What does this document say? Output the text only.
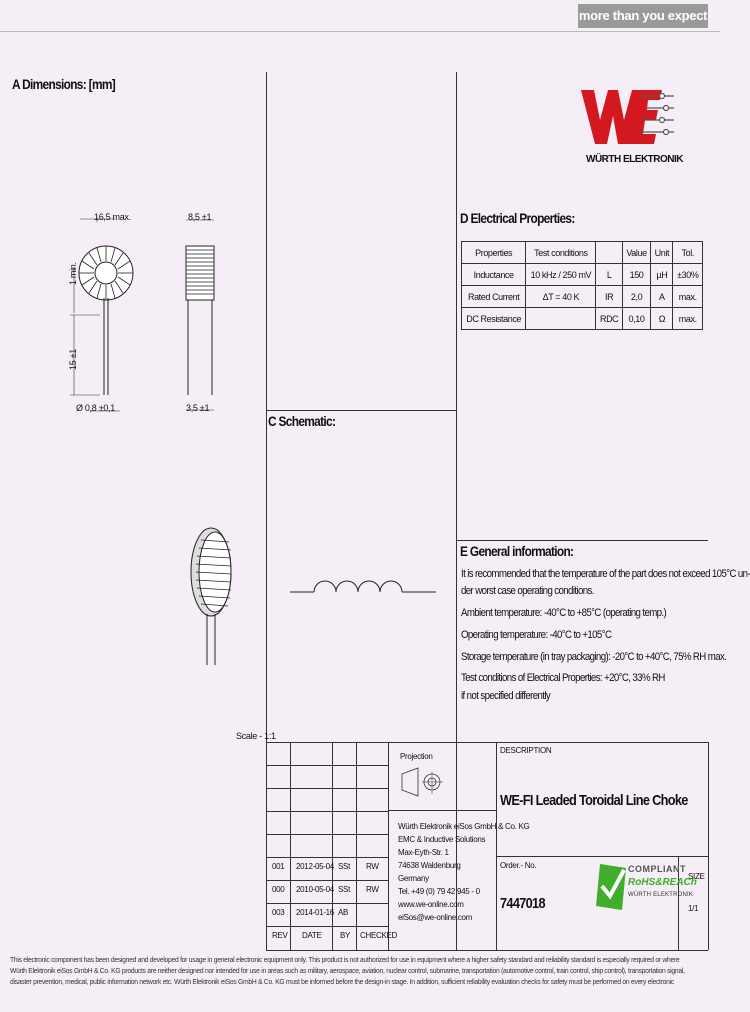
more than you expect
A Dimensions: [mm]
16,5 max.
1 min.
15 ±1
Ø 0,8 ±0,1
8,5 ±1
3,5 ±1
Scale - 1:1
WÜRTH ELEKTRONIK
D Electrical Properties:
Properties	Test conditions		Value	Unit	Tol.
Inductance	10 kHz / 250 mV	L	150	µH	±30%
Rated Current	ΔT = 40 K	IR	2,0	A	max.
DC Resistance		RDC	0,10	Ω	max.
C Schematic:
E General information:
It is recommended that the temperature of the part does not exceed 105°C un-
der worst case operating conditions.
Ambient temperature: -40°C to +85°C (operating temp.)
Operating temperature: -40°C to +105°C
Storage temperature (in tray packaging): -20°C to +40°C, 75% RH max.
Test conditions of Electrical Properties: +20°C, 33% RH
if not specified differently
001 2012-05-04 SSt RW
000 2010-05-04 SSt RW
003 2014-01-16 AB
REV DATE BY CHECKED
Projection
Würth Elektronik eiSos GmbH & Co. KG
EMC & Inductive Solutions
Max-Eyth-Str. 1
74638 Waldenburg
Germany
Tel. +49 (0) 79 42 945 - 0
www.we-online.com
eiSos@we-online.com
DESCRIPTION
WE-FI Leaded Toroidal Line Choke
Order.- No.
7447018
SIZE
1/1
COMPLIANT
RoHS&REACh
WÜRTH ELEKTRONIK
This electronic component has been designed and developed for usage in general electronic equipment only. This product is not authorized for use in equipment where a higher safety standard and reliability standard is especially required or where
Würth Elektronik eiSos GmbH & Co. KG products are neither designed nor intended for use in areas such as military, aerospace, aviation, nuclear control, submarine, transportation (automotive control, train control, ship control), transportation signal,
disaster prevention, medical, public information network etc. Würth Elektronik eiSos GmbH & Co. KG must be informed before the design-in stage. In addition, sufficient reliability evaluation checks for safety must be performed on every electronic
